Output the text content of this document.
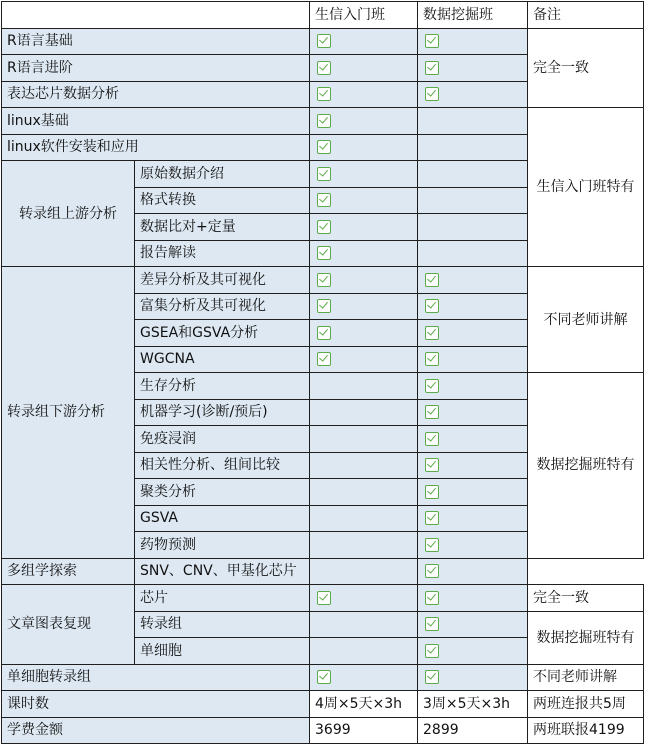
		生信入门班	数据挖掘班	备注
R语言基础				完全一致
R语言进阶				
表达芯片数据分析				
linux基础				生信入门班特有
linux软件安装和应用				
转录组上游分析	原始数据介绍			
	格式转换			
	数据比对+定量			
	报告解读			
转录组下游分析	差异分析及其可视化			不同老师讲解
	富集分析及其可视化			
	GSEA和GSVA分析			
	WGCNA			
	生存分析			数据挖掘班特有
	机器学习(诊断/预后)			
	免疫浸润			
	相关性分析、组间比较			
	聚类分析			
	GSVA			
	药物预测			
多组学探索	SNV、CNV、甲基化芯片			
文章图表复现	芯片			完全一致
	转录组			数据挖掘班特有
	单细胞			
单细胞转录组				不同老师讲解
课时数		4周×5天×3h	3周×5天×3h	两班连报共5周
学费金额		3699	2899	两班联报4199
